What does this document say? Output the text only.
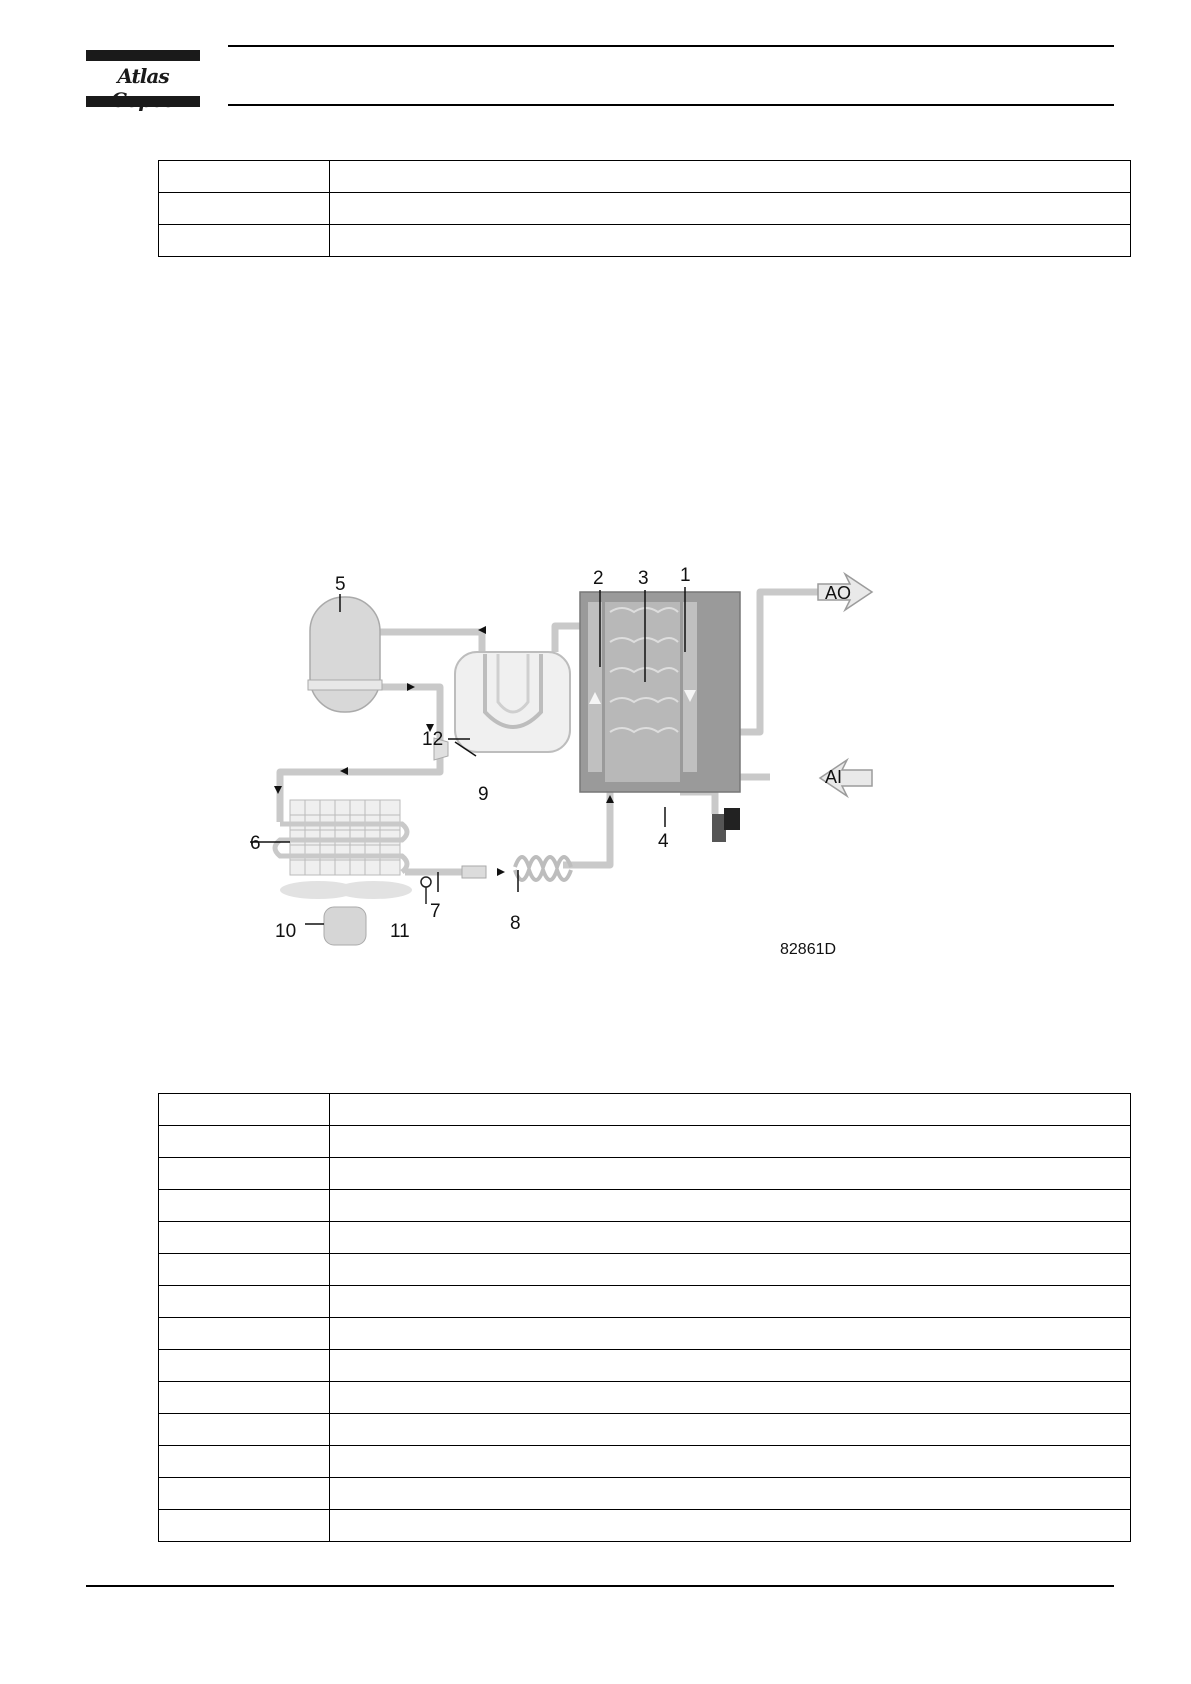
Atlas

5	2 3 1
AO
AI
12
9
4
6
7
8
11
10
82861D
